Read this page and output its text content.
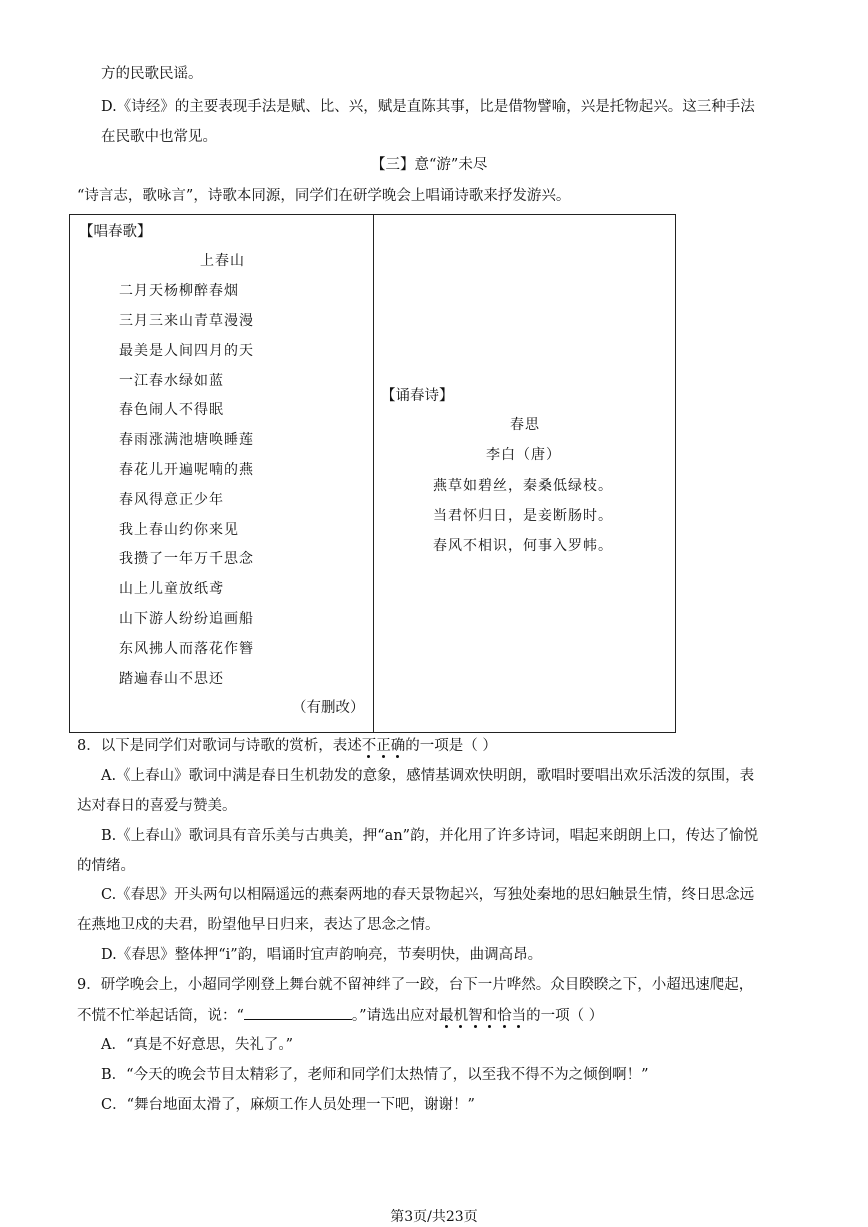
方的民歌民谣。
D.《诗经》的主要表现手法是赋、比、兴，赋是直陈其事，比是借物譬喻，兴是托物起兴。这三种手法
在民歌中也常见。
【三】意“游”未尽
“诗言志，歌咏言”，诗歌本同源，同学们在研学晚会上唱诵诗歌来抒发游兴。
【唱春歌】
上春山
二月天杨柳醉春烟
三月三来山青草漫漫
最美是人间四月的天
一江春水绿如蓝
春色闹人不得眠
春雨涨满池塘唤睡莲
春花儿开遍呢喃的燕
春风得意正少年
我上春山约你来见
我攒了一年万千思念
山上儿童放纸鸢
山下游人纷纷追画船
东风拂人而落花作簪
踏遍春山不思还
（有删改）
【诵春诗】
春思
李白（唐）
燕草如碧丝，秦桑低绿枝。
当君怀归日，是妾断肠时。
春风不相识，何事入罗帏。
8．以下是同学们对歌词与诗歌的赏析，表述不正确的一项是（ ）
A.《上春山》歌词中满是春日生机勃发的意象，感情基调欢快明朗，歌唱时要唱出欢乐活泼的氛围，表
达对春日的喜爱与赞美。
B.《上春山》歌词具有音乐美与古典美，押“an”韵，并化用了许多诗词，唱起来朗朗上口，传达了愉悦
的情绪。
C.《春思》开头两句以相隔遥远的燕秦两地的春天景物起兴，写独处秦地的思妇触景生情，终日思念远
在燕地卫戍的夫君，盼望他早日归来，表达了思念之情。
D.《春思》整体押“i”韵，唱诵时宜声韵响亮，节奏明快，曲调高昂。
9．研学晚会上，小超同学刚登上舞台就不留神绊了一跤，台下一片哗然。众目睽睽之下，小超迅速爬起，
不慌不忙举起话筒，说：“	。”请选出应对最机智和恰当的一项（ ）
A．“真是不好意思，失礼了。”
B．“今天的晚会节目太精彩了，老师和同学们太热情了，以至我不得不为之倾倒啊！”
C．“舞台地面太滑了，麻烦工作人员处理一下吧，谢谢！”
第3页/共23页
